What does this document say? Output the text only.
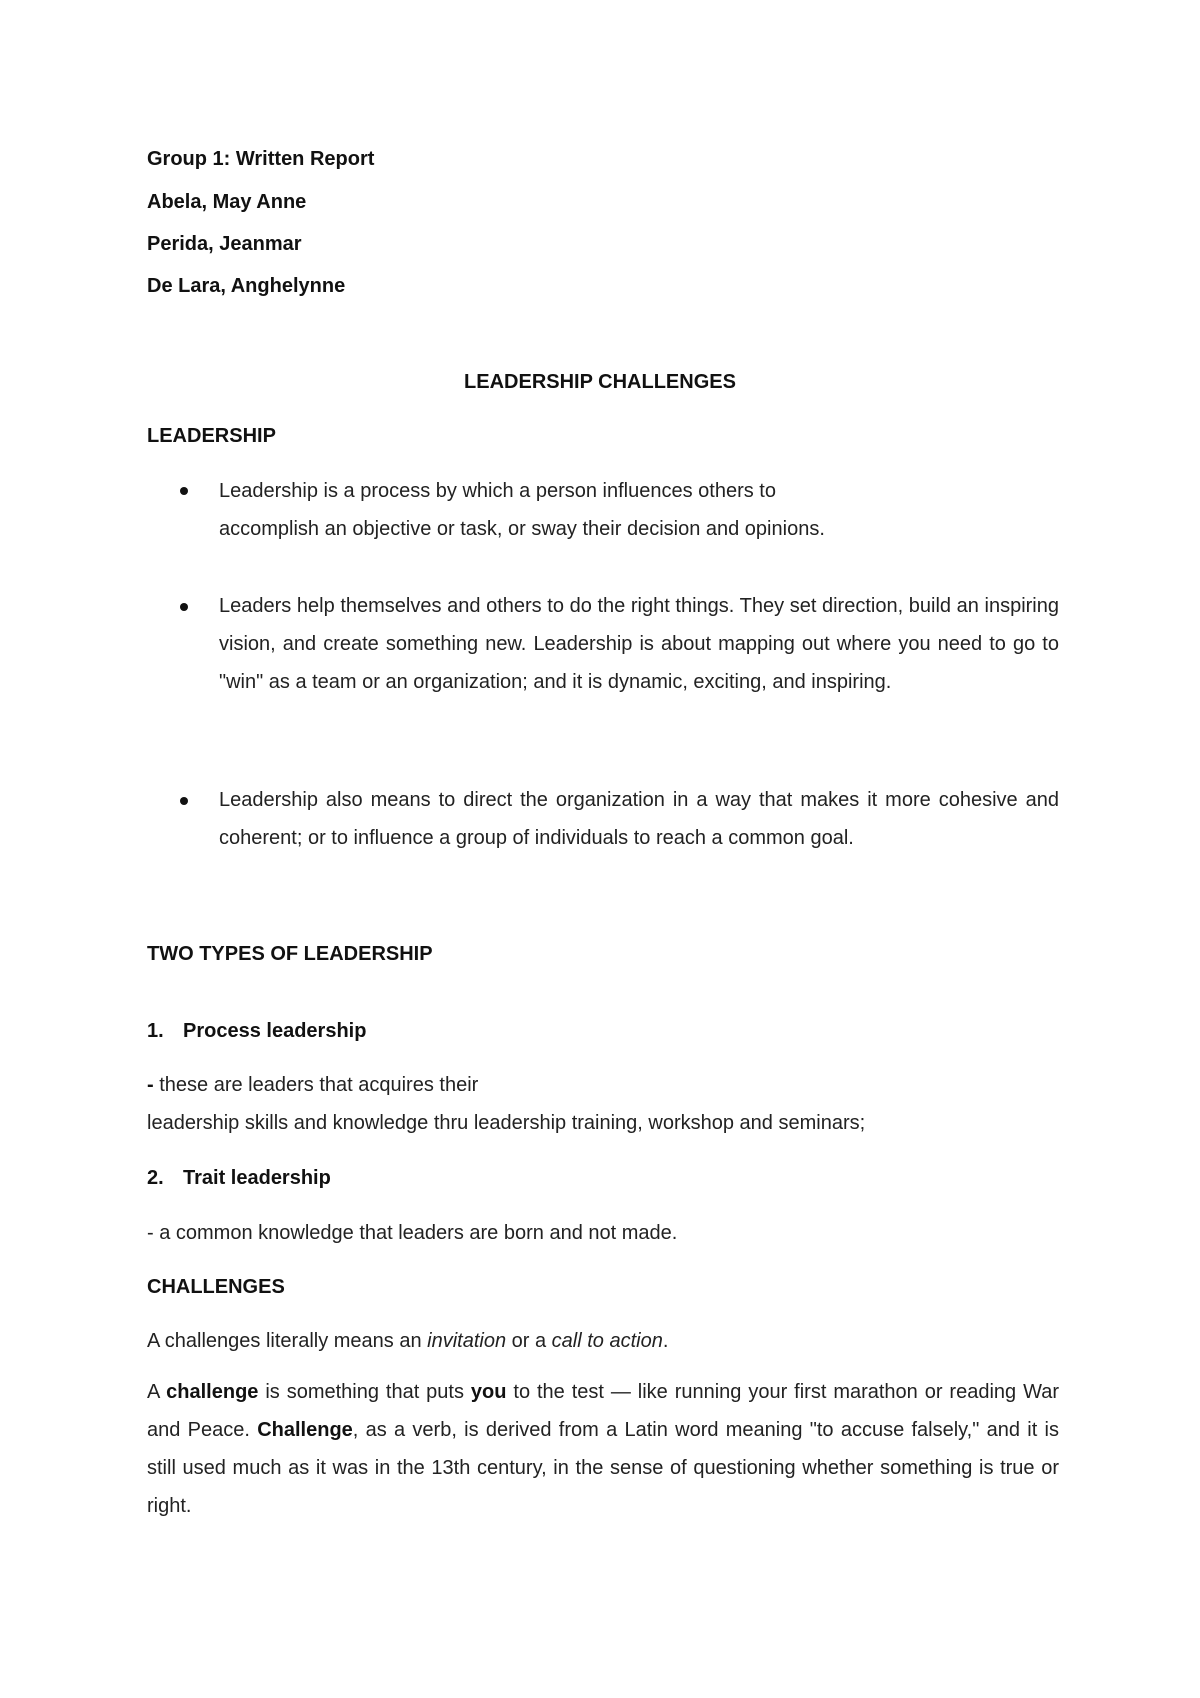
Group 1: Written Report
Abela, May Anne
Perida, Jeanmar
De Lara, Anghelynne
LEADERSHIP CHALLENGES
LEADERSHIP
Leadership is a process by which a person influences others to
accomplish an objective or task, or sway their decision and opinions.
Leaders help themselves and others to do the right things. They set direction, build an inspiring vision, and create something new. Leadership is about mapping out where you need to go to "win" as a team or an organization; and it is dynamic, exciting, and inspiring.
Leadership also means to direct the organization in a way that makes it more cohesive and coherent; or to influence a group of individuals to reach a common goal.
TWO TYPES OF LEADERSHIP
1. Process leadership
- these are leaders that acquires their
leadership skills and knowledge thru leadership training, workshop and seminars;
2. Trait leadership
- a common knowledge that leaders are born and not made.
CHALLENGES
A challenges literally means an invitation or a call to action.
A challenge is something that puts you to the test — like running your first marathon or reading War and Peace. Challenge, as a verb, is derived from a Latin word meaning "to accuse falsely," and it is still used much as it was in the 13th century, in the sense of questioning whether something is true or right.
